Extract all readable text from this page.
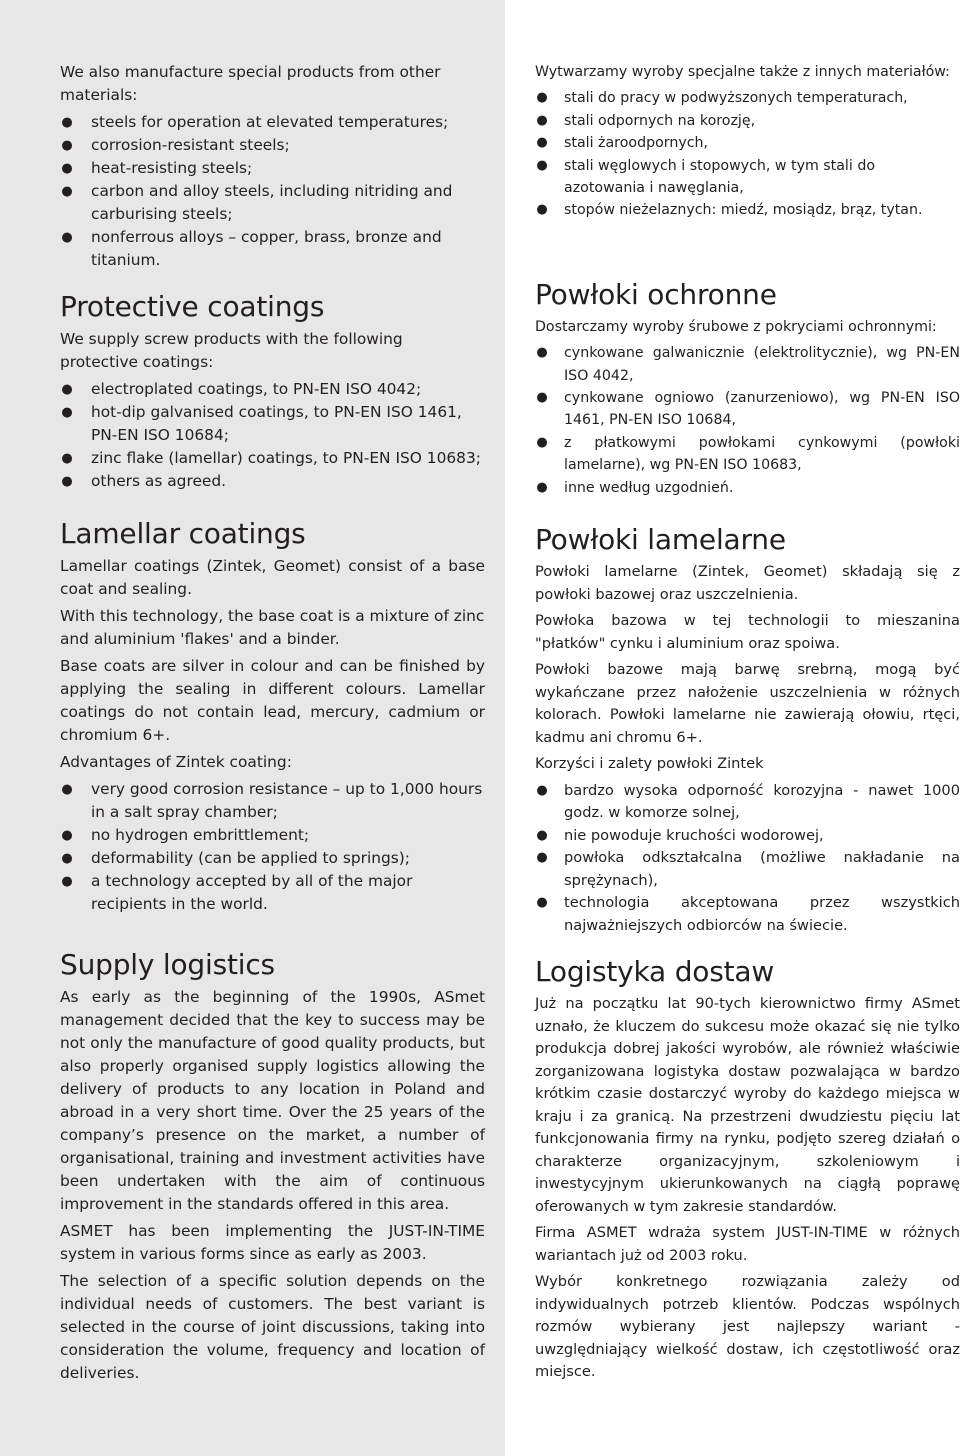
We also manufacture special products from other materials:

● steels for operation at elevated temperatures;
● corrosion-resistant steels;
● heat-resisting steels;
● carbon and alloy steels, including nitriding and carburising steels;
● nonferrous alloys – copper, brass, bronze and titanium.
Protective coatings

We supply screw products with the following protective coatings:

● electroplated coatings, to PN-EN ISO 4042;
● hot-dip galvanised coatings, to PN-EN ISO 1461, PN-EN ISO 10684;
● zinc flake (lamellar) coatings, to PN-EN ISO 10683;
● others as agreed.
Lamellar coatings

Lamellar coatings (Zintek, Geomet) consist of a base coat and sealing.

With this technology, the base coat is a mixture of zinc and aluminium 'flakes' and a binder.

Base coats are silver in colour and can be finished by applying the sealing in different colours. Lamellar coatings do not contain lead, mercury, cadmium or chromium 6+.

Advantages of Zintek coating:

● very good corrosion resistance – up to 1,000 hours in a salt spray chamber;
● no hydrogen embrittlement;
● deformability (can be applied to springs);
● a technology accepted by all of the major recipients in the world.
Supply logistics

As early as the beginning of the 1990s, ASmet management decided that the key to success may be not only the manufacture of good quality products, but also properly organised supply logistics allowing the delivery of products to any location in Poland and abroad in a very short time. Over the 25 years of the company’s presence on the market, a number of organisational, training and investment activities have been undertaken with the aim of continuous improvement in the standards offered in this area.

ASMET has been implementing the JUST-IN-TIME system in various forms since as early as 2003.

The selection of a specific solution depends on the individual needs of customers. The best variant is selected in the course of joint discussions, taking into consideration the volume, frequency and location of deliveries.

Wytwarzamy wyroby specjalne także z innych materiałów:

● stali do pracy w podwyższonych temperaturach,
● stali odpornych na korozję,
● stali żaroodpornych,
● stali węglowych i stopowych, w tym stali do azotowania i nawęglania,
● stopów nieżelaznych: miedź, mosiądz, brąz, tytan.
Powłoki ochronne

Dostarczamy wyroby śrubowe z pokryciami ochronnymi:

● cynkowane galwanicznie (elektrolitycznie), wg PN-EN ISO 4042,
● cynkowane ogniowo (zanurzeniowo), wg PN-EN ISO 1461, PN-EN ISO 10684,
● z płatkowymi powłokami cynkowymi (powłoki lamelarne), wg PN-EN ISO 10683,
● inne według uzgodnień.
Powłoki lamelarne

Powłoki lamelarne (Zintek, Geomet) składają się z powłoki bazowej oraz uszczelnienia.

Powłoka bazowa w tej technologii to mieszanina "płatków" cynku i aluminium oraz spoiwa.

Powłoki bazowe mają barwę srebrną, mogą być wykańczane przez nałożenie uszczelnienia w różnych kolorach. Powłoki lamelarne nie zawierają ołowiu, rtęci, kadmu ani chromu 6+.

Korzyści i zalety powłoki Zintek

● bardzo wysoka odporność korozyjna - nawet 1000 godz. w komorze solnej,
● nie powoduje kruchości wodorowej,
● powłoka odkształcalna (możliwe nakładanie na sprężynach),
● technologia akceptowana przez wszystkich najważniejszych odbiorców na świecie.
Logistyka dostaw

Już na początku lat 90-tych kierownictwo firmy ASmet uznało, że kluczem do sukcesu może okazać się nie tylko produkcja dobrej jakości wyrobów, ale również właściwie zorganizowana logistyka dostaw pozwalająca w bardzo krótkim czasie dostarczyć wyroby do każdego miejsca w kraju i za granicą. Na przestrzeni dwudziestu pięciu lat funkcjonowania firmy na rynku, podjęto szereg działań o charakterze organizacyjnym, szkoleniowym i inwestycyjnym ukierunkowanych na ciągłą poprawę oferowanych w tym zakresie standardów.

Firma ASMET wdraża system JUST-IN-TIME w różnych wariantach już od 2003 roku.

Wybór konkretnego rozwiązania zależy od indywidualnych potrzeb klientów. Podczas wspólnych rozmów wybierany jest najlepszy wariant - uwzględniający wielkość dostaw, ich częstotliwość oraz miejsce.
